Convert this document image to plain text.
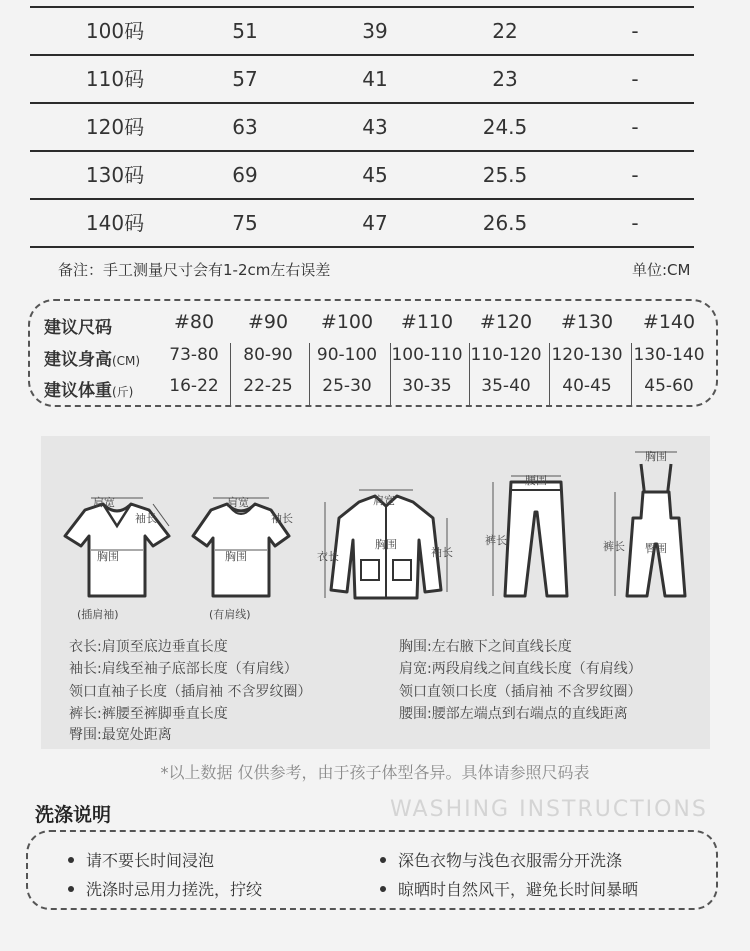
100码	51	39	22	-
110码	57	41	23	-
120码	63	43	24.5	-
130码	69	45	25.5	-
140码	75	47	26.5	-
备注：手工测量尺寸会有1-2cm左右误差	单位:CM
建议尺码	#80	#90	#100	#110	#120	#130	#140
建议身高(CM)	73-80	80-90	90-100 100-110 110-120 120-130 130-140
建议体重(斤)	16-22	22-25	25-30	30-35	35-40	40-45	45-60
肩宽
袖长
胸围
(插肩袖)
肩宽
袖长
胸围
(有肩线)
肩宽
衣长
胸围
袖长
腰围
裤长
胸围
裤长 臀围
衣长:肩顶至底边垂直长度
袖长:肩线至袖子底部长度（有肩线）
领口直袖子长度（插肩袖 不含罗纹圈）
裤长:裤腰至裤脚垂直长度
臀围:最宽处距离
胸围:左右腋下之间直线长度
肩宽:两段肩线之间直线长度（有肩线）
领口直领口长度（插肩袖 不含罗纹圈）
腰围:腰部左端点到右端点的直线距离
*以上数据 仅供参考，由于孩子体型各异。具体请参照尺码表
洗涤说明	WASHING INSTRUCTIONS
请不要长时间浸泡	深色衣物与浅色衣服需分开洗涤
洗涤时忌用力搓洗，拧绞	晾晒时自然风干，避免长时间暴晒
